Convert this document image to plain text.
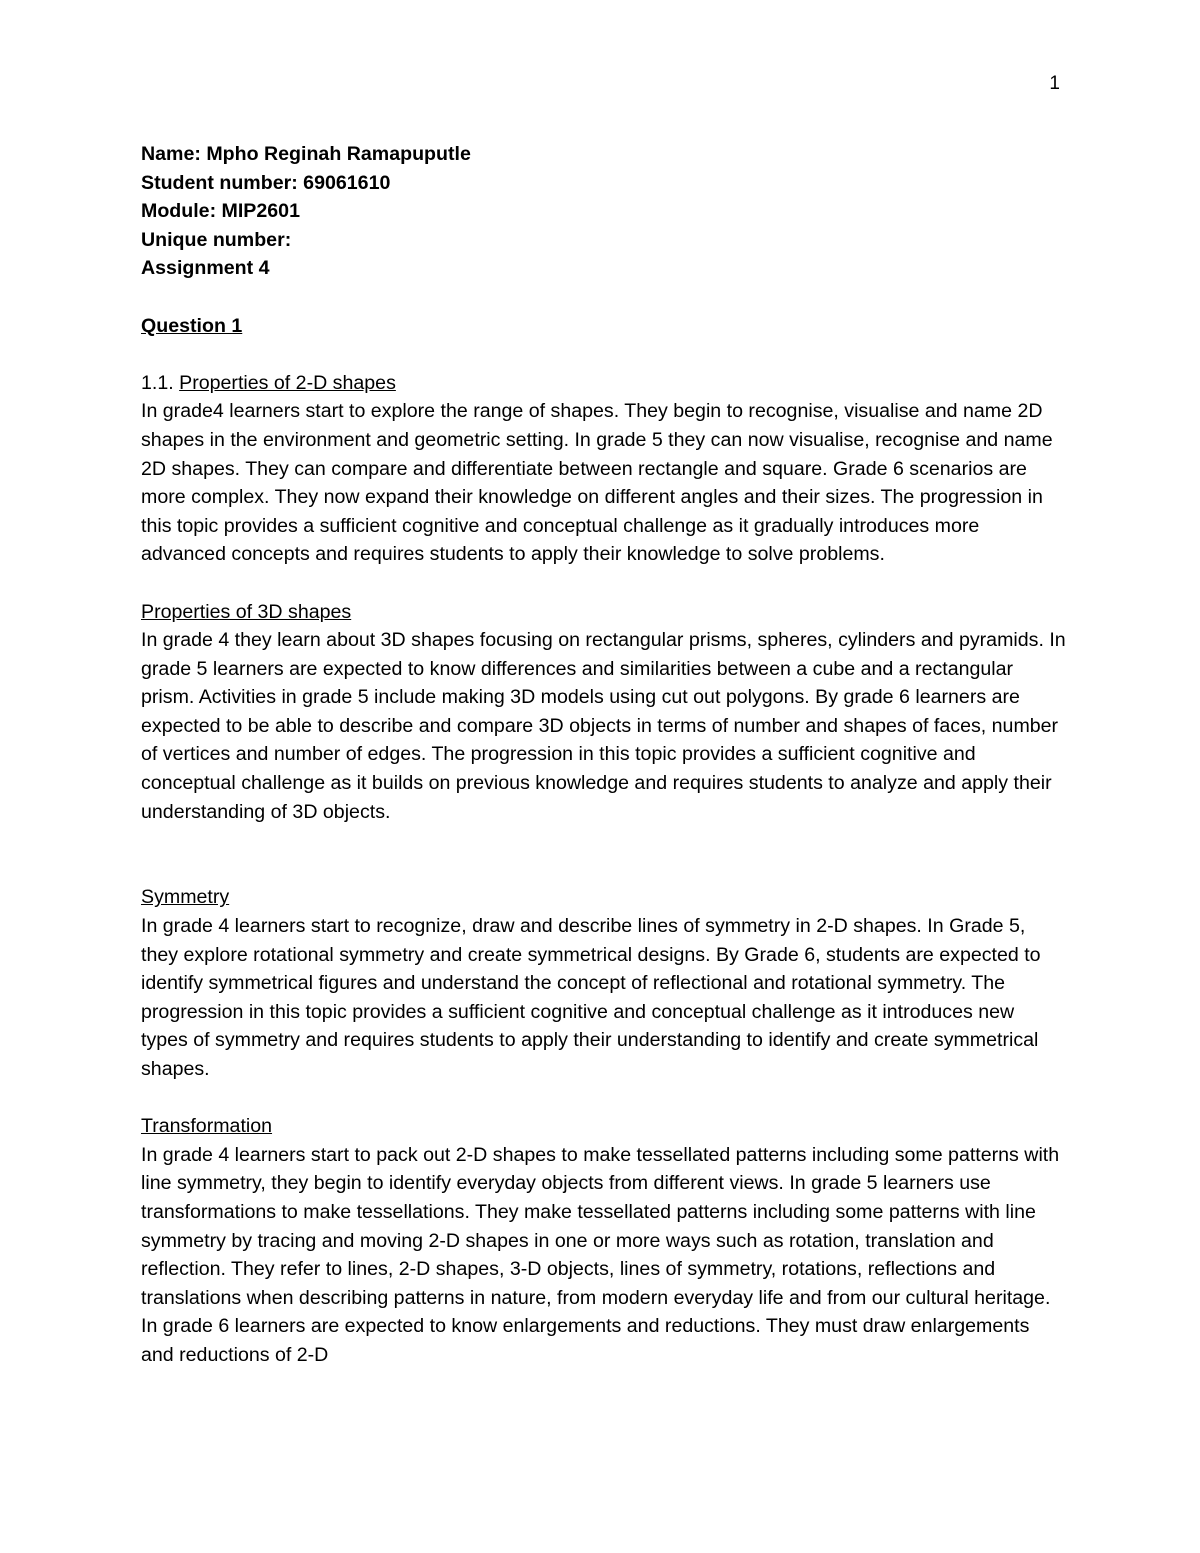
1
Name: Mpho Reginah Ramapuputle
Student number: 69061610
Module: MIP2601
Unique number:
Assignment 4
Question 1
1.1. Properties of 2-D shapes

In grade4 learners start to explore the range of shapes. They begin to recognise, visualise and name 2D shapes in the environment and geometric setting. In grade 5 they can now visualise, recognise and name 2D shapes. They can compare and differentiate between rectangle and square. Grade 6 scenarios are more complex. They now expand their knowledge on different angles and their sizes. The progression in this topic provides a sufficient cognitive and conceptual challenge as it gradually introduces more advanced concepts and requires students to apply their knowledge to solve problems.

Properties of 3D shapes

In grade 4 they learn about 3D shapes focusing on rectangular prisms, spheres, cylinders and pyramids. In grade 5 learners are expected to know differences and similarities between a cube and a rectangular prism. Activities in grade 5 include making 3D models using cut out polygons. By grade 6 learners are expected to be able to describe and compare 3D objects in terms of number and shapes of faces, number of vertices and number of edges. The progression in this topic provides a sufficient cognitive and conceptual challenge as it builds on previous knowledge and requires students to analyze and apply their understanding of 3D objects.

Symmetry

In grade 4 learners start to recognize, draw and describe lines of symmetry in 2-D shapes. In Grade 5, they explore rotational symmetry and create symmetrical designs. By Grade 6, students are expected to identify symmetrical figures and understand the concept of reflectional and rotational symmetry. The progression in this topic provides a sufficient cognitive and conceptual challenge as it introduces new types of symmetry and requires students to apply their understanding to identify and create symmetrical shapes.

Transformation

In grade 4 learners start to pack out 2-D shapes to make tessellated patterns including some patterns with line symmetry, they begin to identify everyday objects from different views. In grade 5 learners use transformations to make tessellations. They make tessellated patterns including some patterns with line symmetry by tracing and moving 2-D shapes in one or more ways such as rotation, translation and reflection. They refer to lines, 2-D shapes, 3-D objects, lines of symmetry, rotations, reflections and translations when describing patterns in nature, from modern everyday life and from our cultural heritage. In grade 6 learners are expected to know enlargements and reductions. They must draw enlargements and reductions of 2-D
